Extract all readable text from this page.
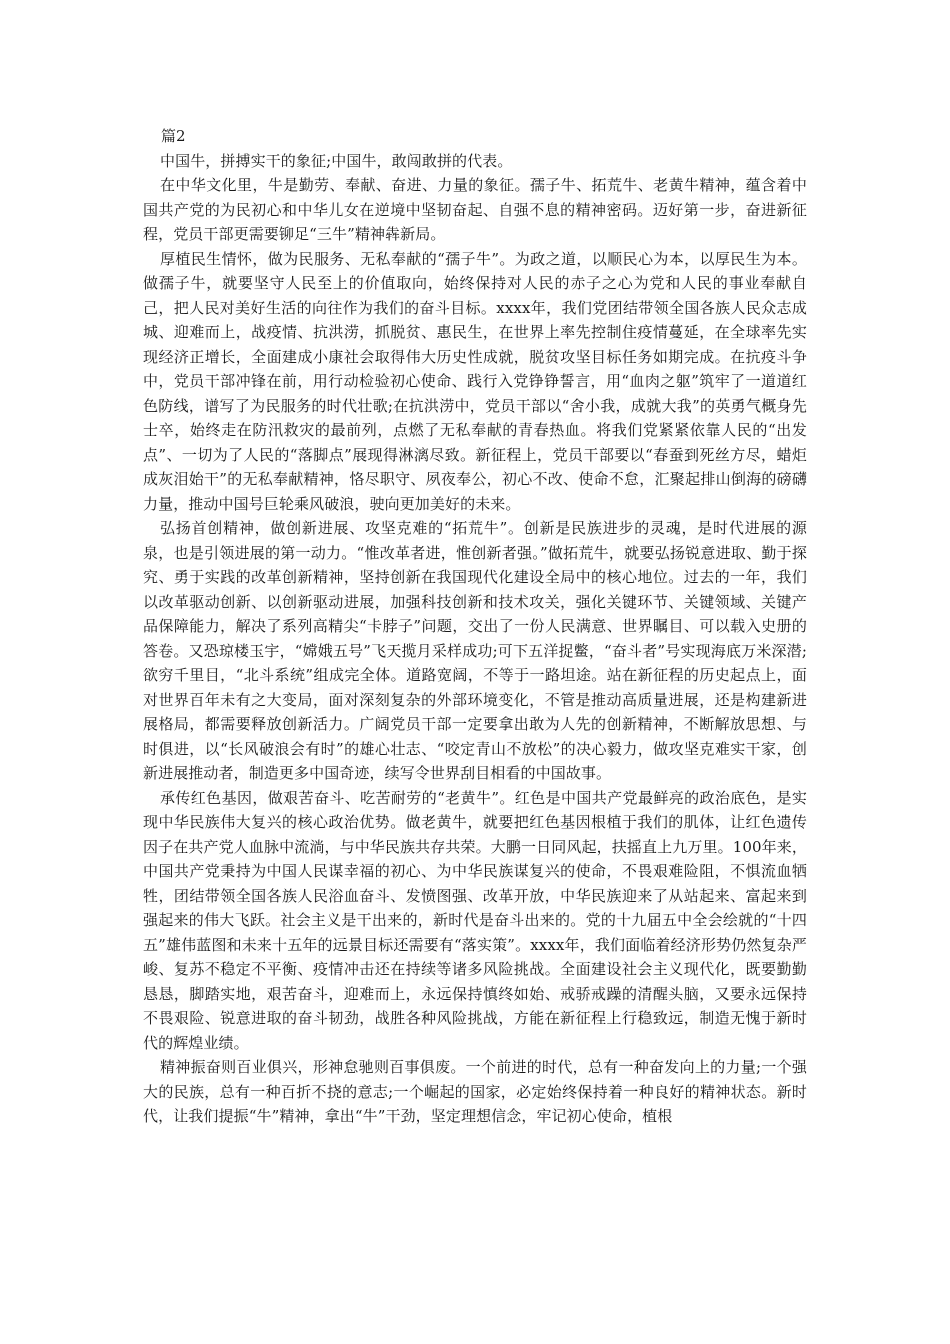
篇2

中国牛，拼搏实干的象征;中国牛，敢闯敢拼的代表。

在中华文化里，牛是勤劳、奉献、奋进、力量的象征。孺子牛、拓荒牛、老黄牛精神，蕴含着中国共产党的为民初心和中华儿女在逆境中坚韧奋起、自强不息的精神密码。迈好第一步，奋进新征程，党员干部更需要铆足“三牛”精神犇新局。

厚植民生情怀，做为民服务、无私奉献的“孺子牛”。为政之道，以顺民心为本，以厚民生为本。做孺子牛，就要坚守人民至上的价值取向，始终保持对人民的赤子之心为党和人民的事业奉献自己，把人民对美好生活的向往作为我们的奋斗目标。xxxx年，我们党团结带领全国各族人民众志成城、迎难而上，战疫情、抗洪涝，抓脱贫、惠民生，在世界上率先控制住疫情蔓延，在全球率先实现经济正增长，全面建成小康社会取得伟大历史性成就，脱贫攻坚目标任务如期完成。在抗疫斗争中，党员干部冲锋在前，用行动检验初心使命、践行入党铮铮誓言，用“血肉之躯”筑牢了一道道红色防线，谱写了为民服务的时代壮歌;在抗洪涝中，党员干部以“舍小我，成就大我”的英勇气概身先士卒，始终走在防汛救灾的最前列，点燃了无私奉献的青春热血。将我们党紧紧依靠人民的“出发点”、一切为了人民的“落脚点”展现得淋漓尽致。新征程上，党员干部要以“春蚕到死丝方尽，蜡炬成灰泪始干”的无私奉献精神，恪尽职守、夙夜奉公，初心不改、使命不怠，汇聚起排山倒海的磅礴力量，推动中国号巨轮乘风破浪，驶向更加美好的未来。

弘扬首创精神，做创新进展、攻坚克难的“拓荒牛”。创新是民族进步的灵魂，是时代进展的源泉，也是引领进展的第一动力。“惟改革者进，惟创新者强。”做拓荒牛，就要弘扬锐意进取、勤于探究、勇于实践的改革创新精神，坚持创新在我国现代化建设全局中的核心地位。过去的一年，我们以改革驱动创新、以创新驱动进展，加强科技创新和技术攻关，强化关键环节、关键领域、关键产品保障能力，解决了系列高精尖“卡脖子”问题，交出了一份人民满意、世界瞩目、可以载入史册的答卷。又恐琼楼玉宇，“嫦娥五号”飞天揽月采样成功;可下五洋捉鳖，“奋斗者”号实现海底万米深潜;欲穷千里目，“北斗系统”组成完全体。道路宽阔，不等于一路坦途。站在新征程的历史起点上，面对世界百年未有之大变局，面对深刻复杂的外部环境变化，不管是推动高质量进展，还是构建新进展格局，都需要释放创新活力。广阔党员干部一定要拿出敢为人先的创新精神，不断解放思想、与时俱进，以“长风破浪会有时”的雄心壮志、“咬定青山不放松”的决心毅力，做攻坚克难实干家，创新进展推动者，制造更多中国奇迹，续写令世界刮目相看的中国故事。

承传红色基因，做艰苦奋斗、吃苦耐劳的“老黄牛”。红色是中国共产党最鲜亮的政治底色，是实现中华民族伟大复兴的核心政治优势。做老黄牛，就要把红色基因根植于我们的肌体，让红色遗传因子在共产党人血脉中流淌，与中华民族共存共荣。大鹏一日同风起，扶摇直上九万里。100年来，中国共产党秉持为中国人民谋幸福的初心、为中华民族谋复兴的使命，不畏艰难险阻，不惧流血牺牲，团结带领全国各族人民浴血奋斗、发愤图强、改革开放，中华民族迎来了从站起来、富起来到强起来的伟大飞跃。社会主义是干出来的，新时代是奋斗出来的。党的十九届五中全会绘就的“十四五”雄伟蓝图和未来十五年的远景目标还需要有“落实策”。xxxx年，我们面临着经济形势仍然复杂严峻、复苏不稳定不平衡、疫情冲击还在持续等诸多风险挑战。全面建设社会主义现代化，既要勤勤恳恳，脚踏实地，艰苦奋斗，迎难而上，永远保持慎终如始、戒骄戒躁的清醒头脑，又要永远保持不畏艰险、锐意进取的奋斗韧劲，战胜各种风险挑战，方能在新征程上行稳致远，制造无愧于新时代的辉煌业绩。

精神振奋则百业俱兴，形神怠驰则百事俱废。一个前进的时代，总有一种奋发向上的力量;一个强大的民族，总有一种百折不挠的意志;一个崛起的国家，必定始终保持着一种良好的精神状态。新时代，让我们提振“牛”精神，拿出“牛”干劲，坚定理想信念，牢记初心使命，植根
